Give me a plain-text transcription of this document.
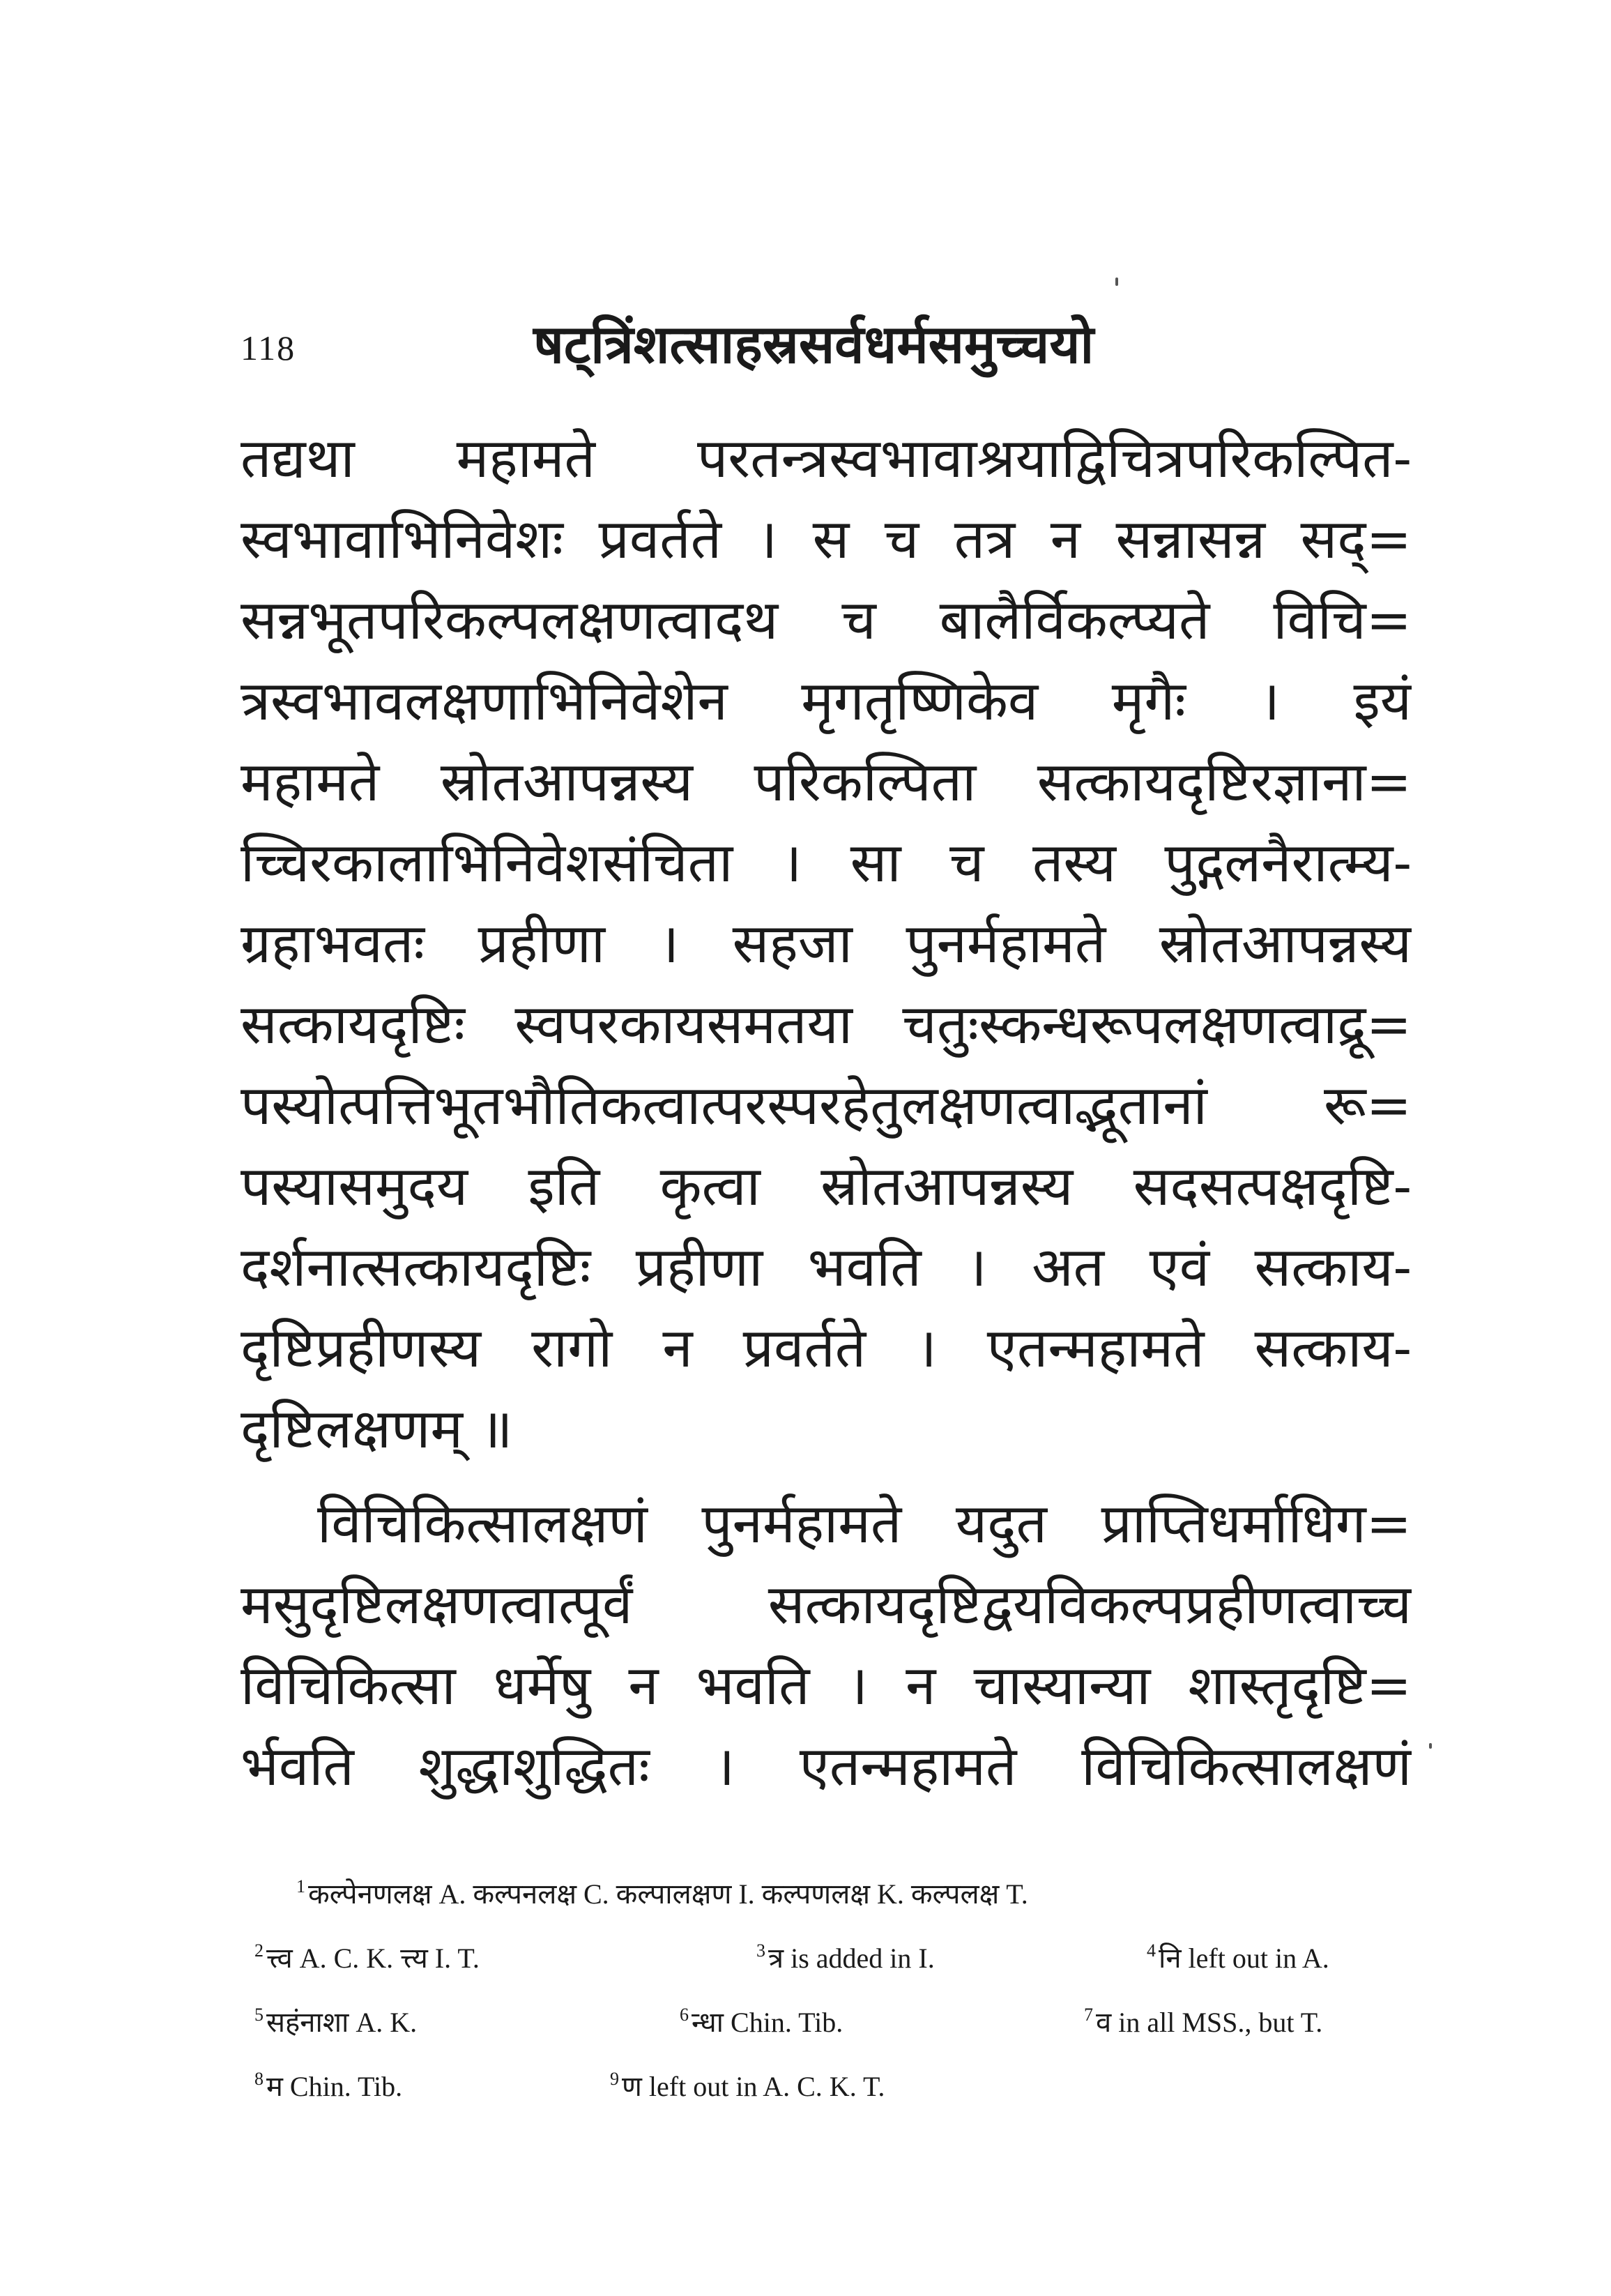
118	षट्त्रिंशत्साहस्रसर्वधर्मसमुच्चयो
तद्यथा महामते परतन्त्रस्वभावाश्रयाद्विचित्रपरिकल्पित-
स्वभावाभिनिवेशः प्रवर्तते । स च तत्र न सन्नासन्न सद्=
सन्नभूतपरिकल्पलक्षणत्वादथ च बालैर्विकल्प्यते विचि=
त्रस्वभावलक्षणाभिनिवेशेन मृगतृष्णिकेव मृगैः । इयं
महामते स्रोतआपन्नस्य परिकल्पिता सत्कायदृष्टिरज्ञाना=
च्चिरकालाभिनिवेशसंचिता । सा च तस्य पुद्गलनैरात्म्य-
ग्रहाभवतः प्रहीणा । सहजा पुनर्महामते स्रोतआपन्नस्य
सत्कायदृष्टिः स्वपरकायसमतया चतुःस्कन्धरूपलक्षणत्वाद्रू=
पस्योत्पत्तिभूतभौतिकत्वात्परस्परहेतुलक्षणत्वाद्भूतानां रू=
पस्यासमुदय इति कृत्वा स्रोतआपन्नस्य सदसत्पक्षदृष्टि-
दर्शनात्सत्कायदृष्टिः प्रहीणा भवति । अत एवं सत्काय-
दृष्टिप्रहीणस्य रागो न प्रवर्तते । एतन्महामते सत्काय-
दृष्टिलक्षणम् ॥
विचिकित्सालक्षणं पुनर्महामते यदुत प्राप्तिधर्माधिग=
मसुदृष्टिलक्षणत्वात्पूर्वं सत्कायदृष्टिद्वयविकल्पप्रहीणत्वाच्च
विचिकित्सा धर्मेषु न भवति । न चास्यान्या शास्तृदृष्टि=
र्भवति शुद्धाशुद्धितः । एतन्महामते विचिकित्सालक्षणं
$^1$ कल्पेनणलक्ष A. कल्पनलक्ष C. कल्पालक्षण I. कल्पणलक्ष K. कल्पलक्ष T.
$^2$ त्त्व A. C. K. त्त्य I. T.	$^3$ त्र is added in I.	$^4$ नि left out in A.
$^5$ सहंनाशा A. K.	$^6$ न्धा Chin. Tib.	$^7$ व in all MSS., but T.
$^8$ म Chin. Tib.	$^9$ ण left out in A. C. K. T.
